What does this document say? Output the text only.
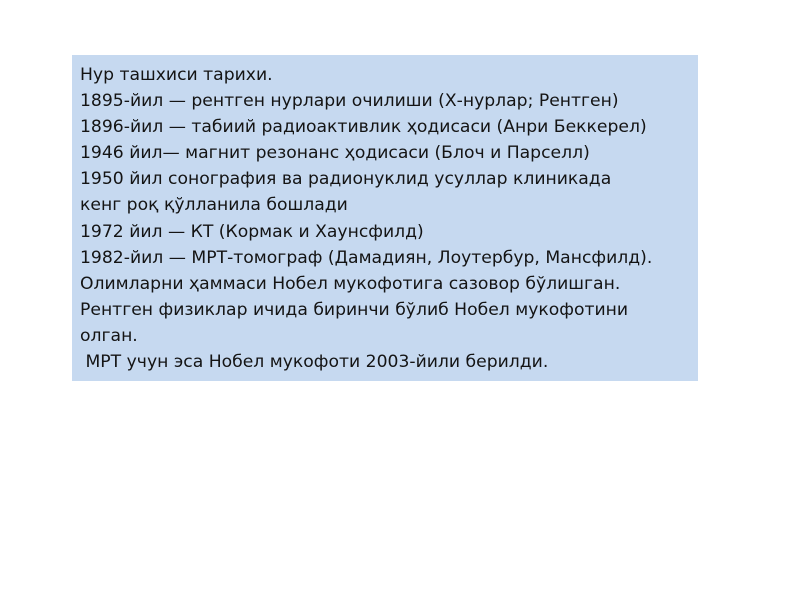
Нур ташхиси тарихи.

1895-йил — рентген нурлари очилиши (Х-нурлар; Рентген)

1896-йил — табиий радиоактивлик ҳодисаси (Анри Беккерел)

1946 йил— магнит резонанс ҳодисаси (Блоч и Парселл)

1950 йил сонография ва радионуклид усуллар клиникада

кенг роқ қўлланила бошлади

1972 йил — КТ (Кормак и Хаунсфилд)

1982-йил — МРТ-томограф (Дамадиян, Лоутербур, Мансфилд).

Олимларни ҳаммаси Нобел мукофотига сазовор бўлишган.

Рентген физиклар ичида биринчи бўлиб Нобел мукофотини

олган.

МРТ учун эса Нобел мукофоти 2003-йили берилди.
